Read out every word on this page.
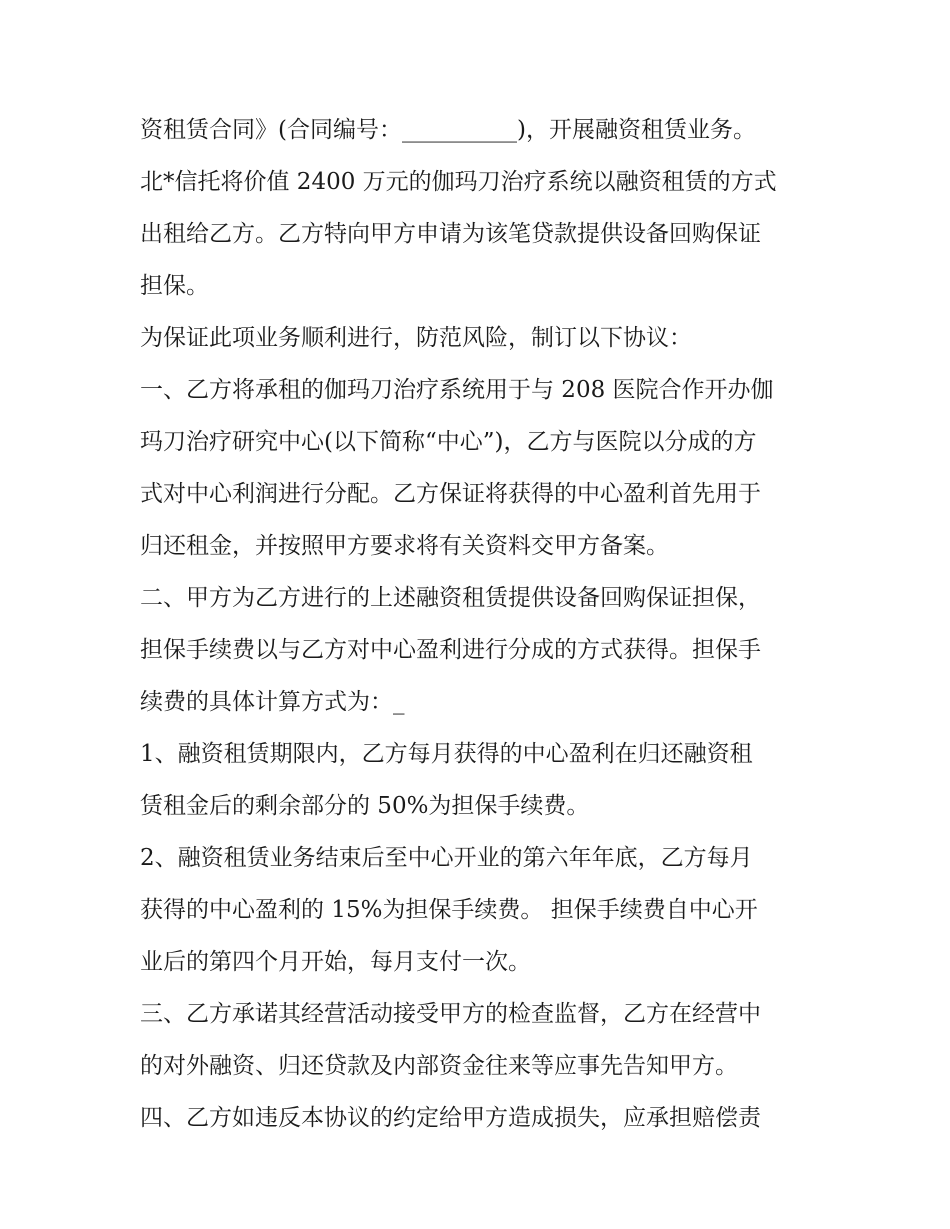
资租赁合同》(合同编号：__________)，开展融资租赁业务。
北*信托将价值 2400 万元的伽玛刀治疗系统以融资租赁的方式
出租给乙方。乙方特向甲方申请为该笔贷款提供设备回购保证
担保。
为保证此项业务顺利进行，防范风险，制订以下协议：
一、乙方将承租的伽玛刀治疗系统用于与 208 医院合作开办伽
玛刀治疗研究中心(以下简称“中心”)，乙方与医院以分成的方
式对中心利润进行分配。乙方保证将获得的中心盈利首先用于
归还租金，并按照甲方要求将有关资料交甲方备案。
二、甲方为乙方进行的上述融资租赁提供设备回购保证担保，
担保手续费以与乙方对中心盈利进行分成的方式获得。担保手
续费的具体计算方式为：_
1、融资租赁期限内，乙方每月获得的中心盈利在归还融资租
赁租金后的剩余部分的 50%为担保手续费。
2、融资租赁业务结束后至中心开业的第六年年底，乙方每月
获得的中心盈利的 15%为担保手续费。 担保手续费自中心开
业后的第四个月开始，每月支付一次。
三、乙方承诺其经营活动接受甲方的检查监督，乙方在经营中
的对外融资、归还贷款及内部资金往来等应事先告知甲方。
四、乙方如违反本协议的约定给甲方造成损失，应承担赔偿责
